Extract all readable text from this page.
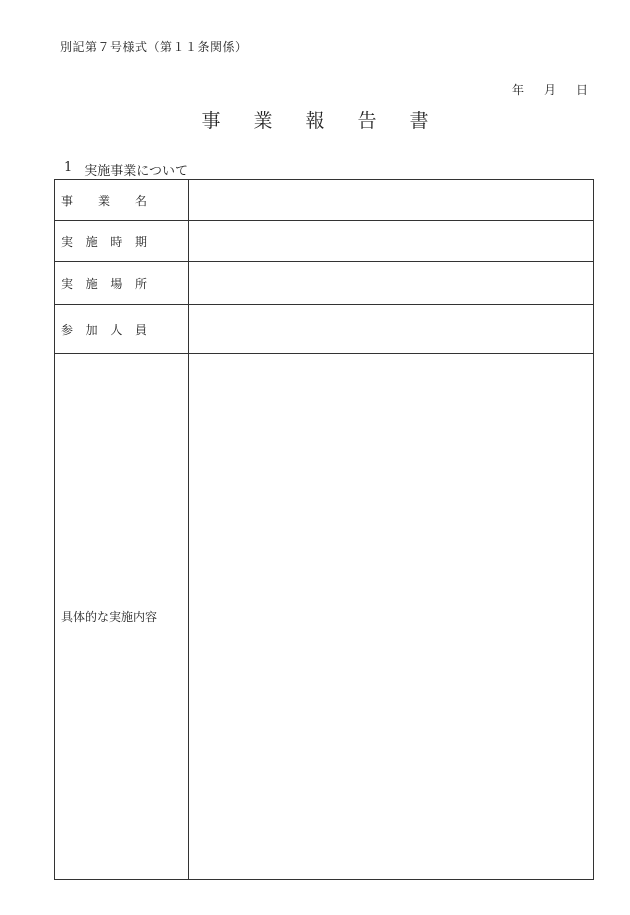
別記第７号様式（第１１条関係）
年 月 日
事業報告書
1 実施事業について
事 業 名	

実 施 時 期	

実 施 場 所	

参 加 人 員	

具体的な実施内容	
